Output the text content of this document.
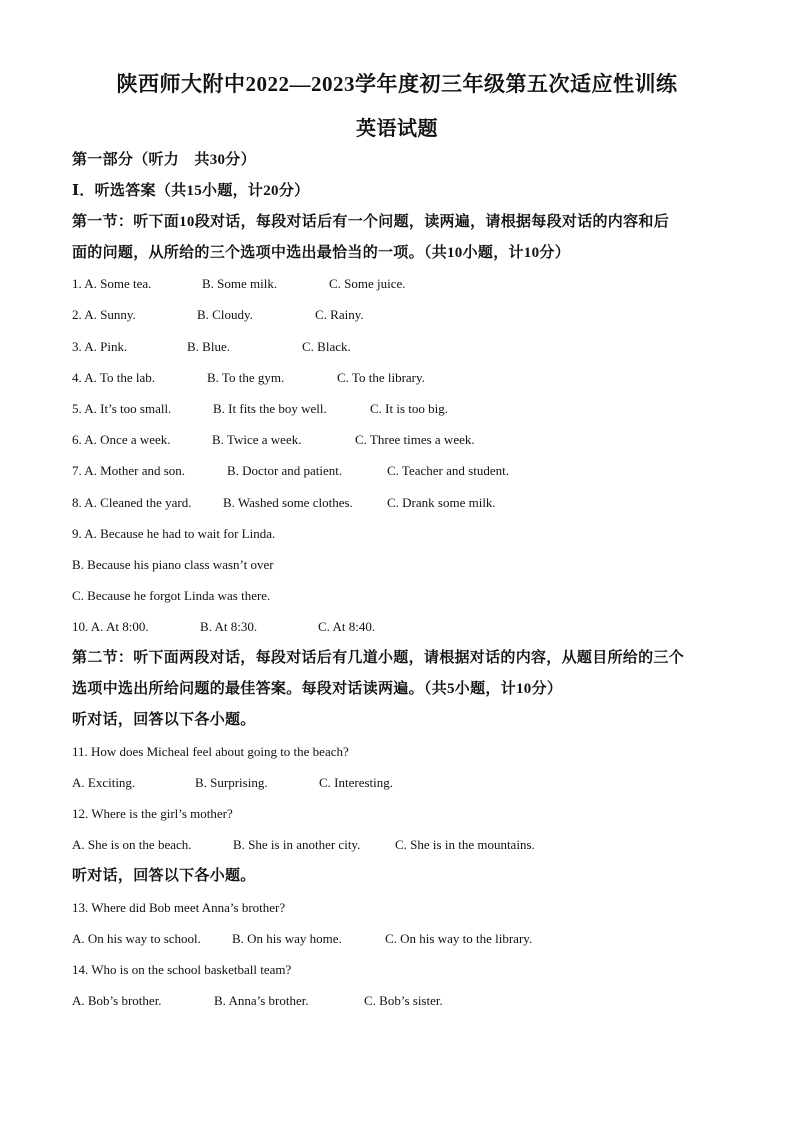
陕西师大附中2022—2023学年度初三年级第五次适应性训练
英语试题
第一部分（听力　共30分）
Ⅰ．听选答案（共15小题，计20分）
第一节：听下面10段对话，每段对话后有一个问题，读两遍，请根据每段对话的内容和后
面的问题，从所给的三个选项中选出最恰当的一项。（共10小题，计10分）
1. A. Some tea.	B. Some milk.	C. Some juice.
2. A. Sunny.	B. Cloudy.	C. Rainy.
3. A. Pink.	B. Blue.	C. Black.
4. A. To the lab.	B. To the gym.	C. To the library.
5. A. It’s too small.	B. It fits the boy well.	C. It is too big.
6. A. Once a week.	B. Twice a week.	C. Three times a week.
7. A. Mother and son.	B. Doctor and patient.	C. Teacher and student.
8. A. Cleaned the yard. B. Washed some clothes.	C. Drank some milk.
9. A. Because he had to wait for Linda.
B. Because his piano class wasn’t over
C. Because he forgot Linda was there.
10. A. At 8:00.	B. At 8:30.	C. At 8:40.
第二节：听下面两段对话，每段对话后有几道小题，请根据对话的内容，从题目所给的三个
选项中选出所给问题的最佳答案。每段对话读两遍。（共5小题，计10分）
听对话，回答以下各小题。
11. How does Micheal feel about going to the beach?
A. Exciting.	B. Surprising.	C. Interesting.
12. Where is the girl’s mother?
A. She is on the beach.	B. She is in another city.	C. She is in the mountains.
听对话，回答以下各小题。
13. Where did Bob meet Anna’s brother?
A. On his way to school. B. On his way home.	C. On his way to the library.
14. Who is on the school basketball team?
A. Bob’s brother.	B. Anna’s brother.	C. Bob’s sister.
